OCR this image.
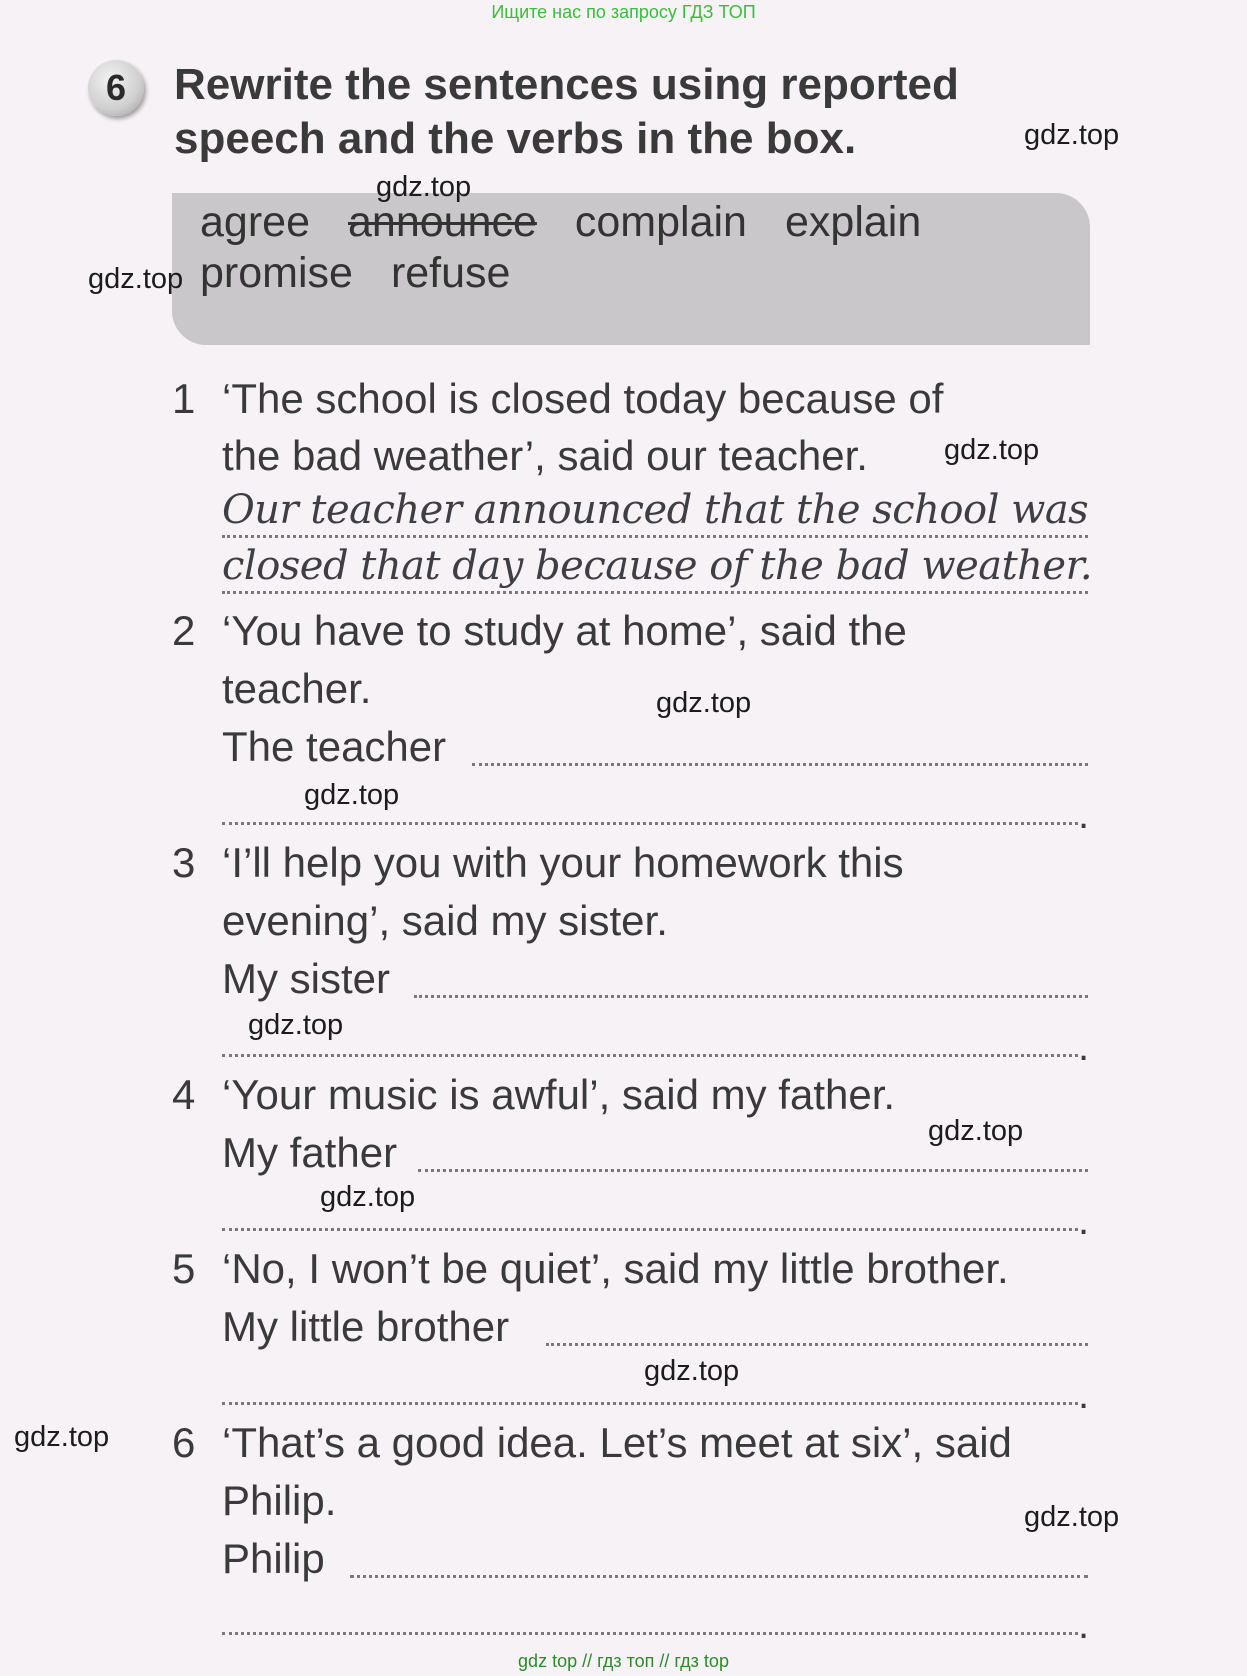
Ищите нас по запросу ГДЗ ТОП
6	Rewrite the sentences using reported
speech and the verbs in the box.
agree announce complain explain
promise refuse
1 ‘The school is closed today because of
the bad weather’, said our teacher.
Our teacher announced that the school was
closed that day because of the bad weather.
2 ‘You have to study at home’, said the
teacher.
The teacher
.
3 ‘I’ll help you with your homework this
evening’, said my sister.
My sister
.
4 ‘Your music is awful’, said my father.
My father
.
5 ‘No, I won’t be quiet’, said my little brother.
My little brother
.
6 ‘That’s a good idea. Let’s meet at six’, said
Philip.
Philip
.
gdz.top
gdz.top
gdz.top
gdz.top
gdz.top
gdz.top
gdz.top
gdz.top
gdz.top
gdz.top
gdz.top
gdz.top
gdz top // гдз топ // гдз top
